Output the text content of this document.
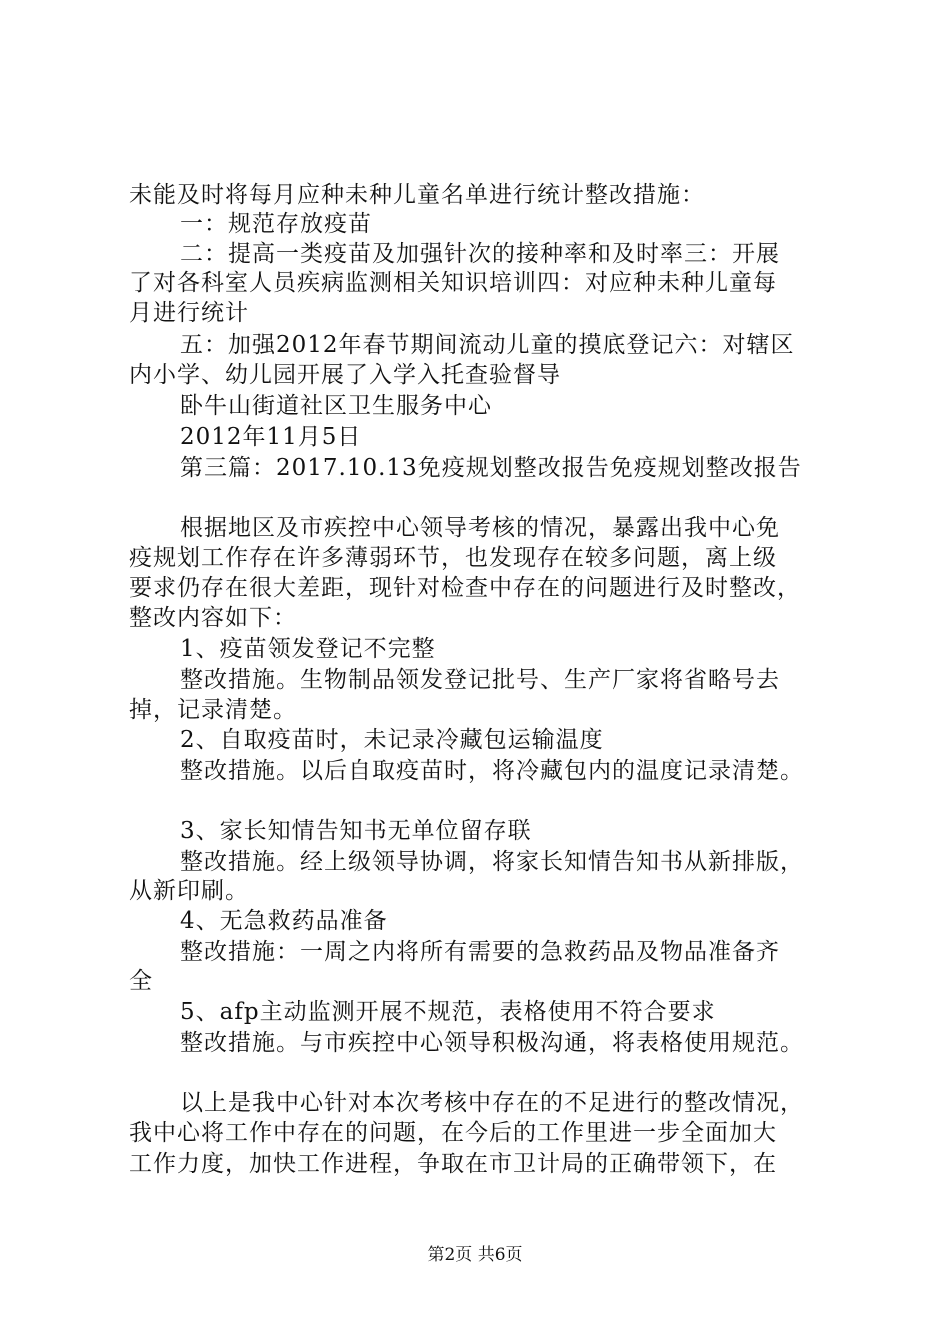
未能及时将每月应种未种儿童名单进行统计整改措施：
一：规范存放疫苗
二：提高一类疫苗及加强针次的接种率和及时率三：开展
了对各科室人员疾病监测相关知识培训四：对应种未种儿童每
月进行统计
五：加强2012年春节期间流动儿童的摸底登记六：对辖区
内小学、幼儿园开展了入学入托查验督导
卧牛山街道社区卫生服务中心
2012年11月5日
第三篇：2017.10.13免疫规划整改报告免疫规划整改报告
根据地区及市疾控中心领导考核的情况，暴露出我中心免
疫规划工作存在许多薄弱环节，也发现存在较多问题，离上级
要求仍存在很大差距，现针对检查中存在的问题进行及时整改，
整改内容如下：
1、疫苗领发登记不完整
整改措施。生物制品领发登记批号、生产厂家将省略号去
掉，记录清楚。
2、自取疫苗时，未记录冷藏包运输温度
整改措施。以后自取疫苗时，将冷藏包内的温度记录清楚。
3、家长知情告知书无单位留存联
整改措施。经上级领导协调，将家长知情告知书从新排版，
从新印刷。
4、无急救药品准备
整改措施：一周之内将所有需要的急救药品及物品准备齐
全
5、afp主动监测开展不规范，表格使用不符合要求
整改措施。与市疾控中心领导积极沟通，将表格使用规范。
以上是我中心针对本次考核中存在的不足进行的整改情况，
我中心将工作中存在的问题，在今后的工作里进一步全面加大
工作力度，加快工作进程，争取在市卫计局的正确带领下，在
第2页 共6页
